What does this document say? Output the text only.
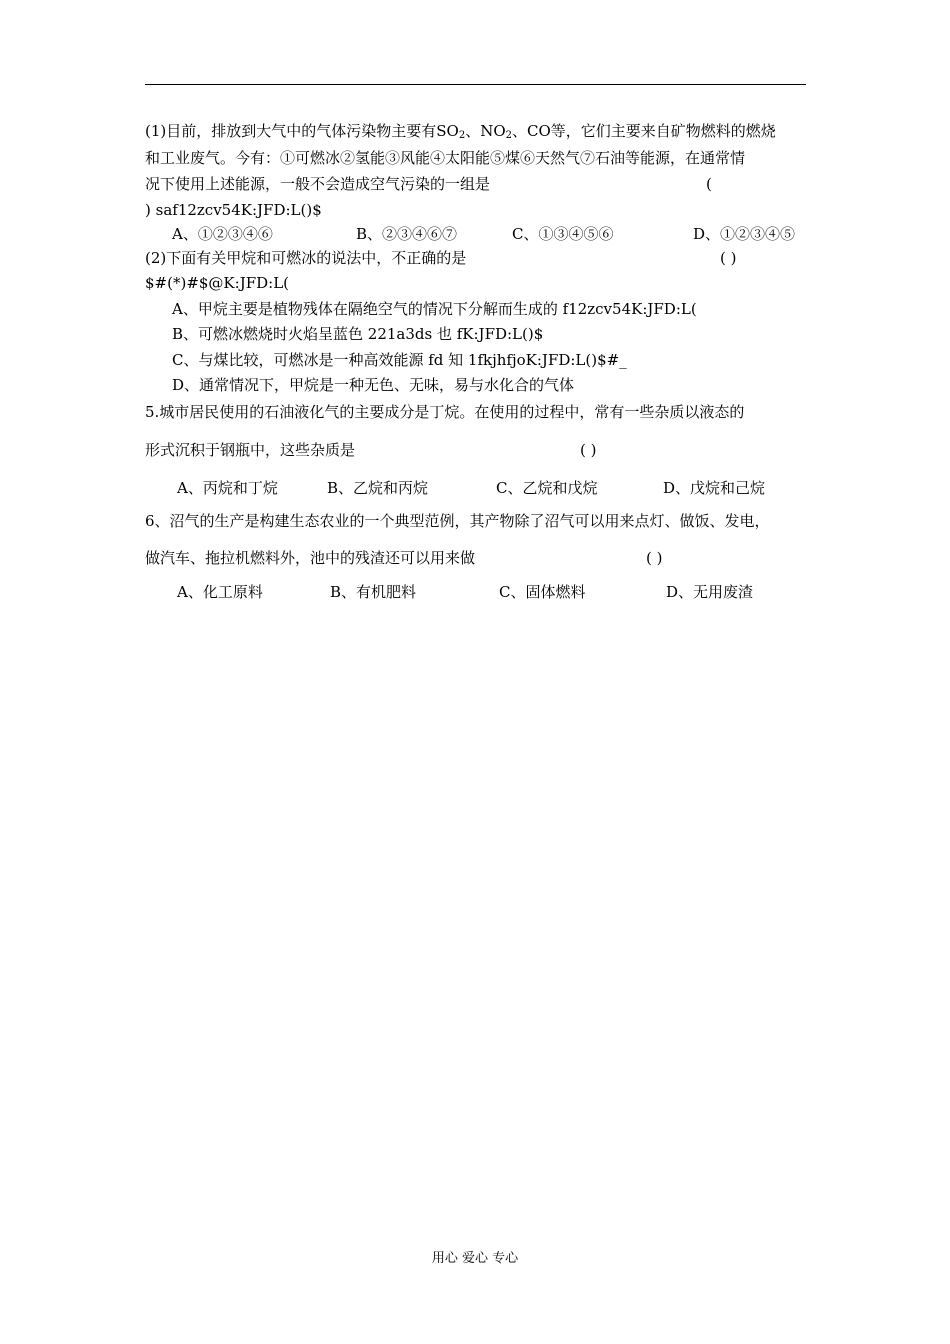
(1)目前，排放到大气中的气体污染物主要有$SO_2$、$NO_2$、CO等，它们主要来自矿物燃料的燃烧
和工业废气。今有：①可燃冰②氢能③风能④太阳能⑤煤⑥天然气⑦石油等能源，在通常情
况下使用上述能源，一般不会造成空气污染的一组是	(
) saf12zcv54K:JFD:L()$
A、①②③④⑥	B、②③④⑥⑦	C、①③④⑤⑥	D、①②③④⑤
(2)下面有关甲烷和可燃冰的说法中，不正确的是	( )
$#(*)#$@K:JFD:L(
A、甲烷主要是植物残体在隔绝空气的情况下分解而生成的 f12zcv54K:JFD:L(
B、可燃冰燃烧时火焰呈蓝色 221a3ds 也 fK:JFD:L()$
C、与煤比较，可燃冰是一种高效能源 fd 知 1fkjhfjoK:JFD:L()$#_
D、通常情况下，甲烷是一种无色、无味，易与水化合的气体
5.城市居民使用的石油液化气的主要成分是丁烷。在使用的过程中，常有一些杂质以液态的
形式沉积于钢瓶中，这些杂质是	( )
A、丙烷和丁烷	B、乙烷和丙烷	C、乙烷和戊烷	D、戊烷和己烷
6、沼气的生产是构建生态农业的一个典型范例，其产物除了沼气可以用来点灯、做饭、发电，
做汽车、拖拉机燃料外，池中的残渣还可以用来做	( )
A、化工原料	B、有机肥料	C、固体燃料	D、无用废渣
用心 爱心 专心
